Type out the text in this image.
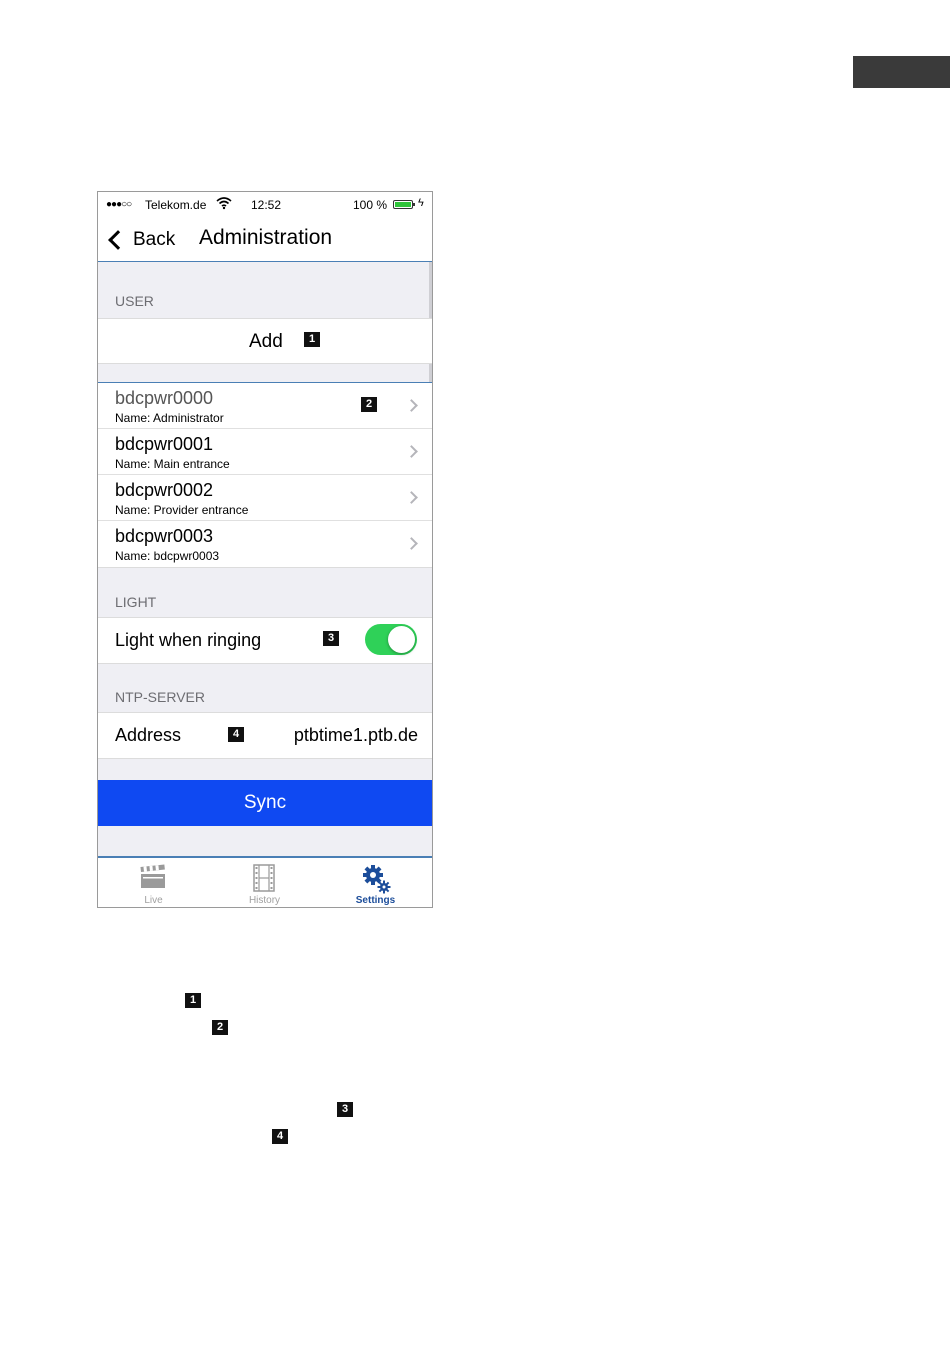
●●●○○ Telekom.de	12:52	100 %	ϟ
Back Administration
USER
Add	1
bdcpwr0000
Name: Administrator
2
bdcpwr0001
Name: Main entrance
bdcpwr0002
Name: Provider entrance
bdcpwr0003
Name: bdcpwr0003
LIGHT
Light when ringing	3
NTP-SERVER
Address	4	ptbtime1.ptb.de
Sync
Live	History	Settings
1
2
3
4
